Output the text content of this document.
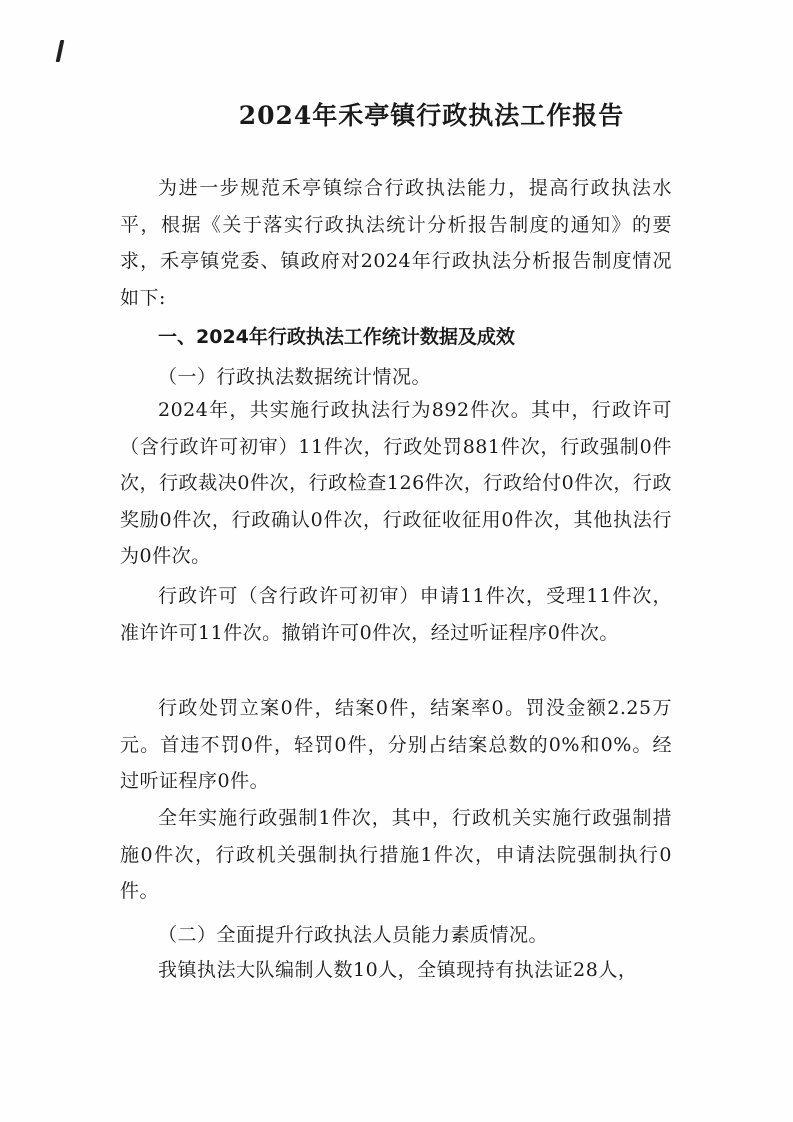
2024年禾亭镇行政执法工作报告

为进一步规范禾亭镇综合行政执法能力，提高行政执法水平，根据《关于落实行政执法统计分析报告制度的通知》的要求，禾亭镇党委、镇政府对2024年行政执法分析报告制度情况如下:

一、2024年行政执法工作统计数据及成效

（一）行政执法数据统计情况。

2024年，共实施行政执法行为892件次。其中，行政许可（含行政许可初审）11件次，行政处罚881件次，行政强制0件次，行政裁决0件次，行政检查126件次，行政给付0件次，行政奖励0件次，行政确认0件次，行政征收征用0件次，其他执法行为0件次。

行政许可（含行政许可初审）申请11件次，受理11件次，准许许可11件次。撤销许可0件次，经过听证程序0件次。

行政处罚立案0件，结案0件，结案率0。罚没金额2.25万元。首违不罚0件，轻罚0件，分别占结案总数的0%和0%。经过听证程序0件。

全年实施行政强制1件次，其中，行政机关实施行政强制措施0件次，行政机关强制执行措施1件次，申请法院强制执行0件。

（二）全面提升行政执法人员能力素质情况。

我镇执法大队编制人数10人，全镇现持有执法证28人，
